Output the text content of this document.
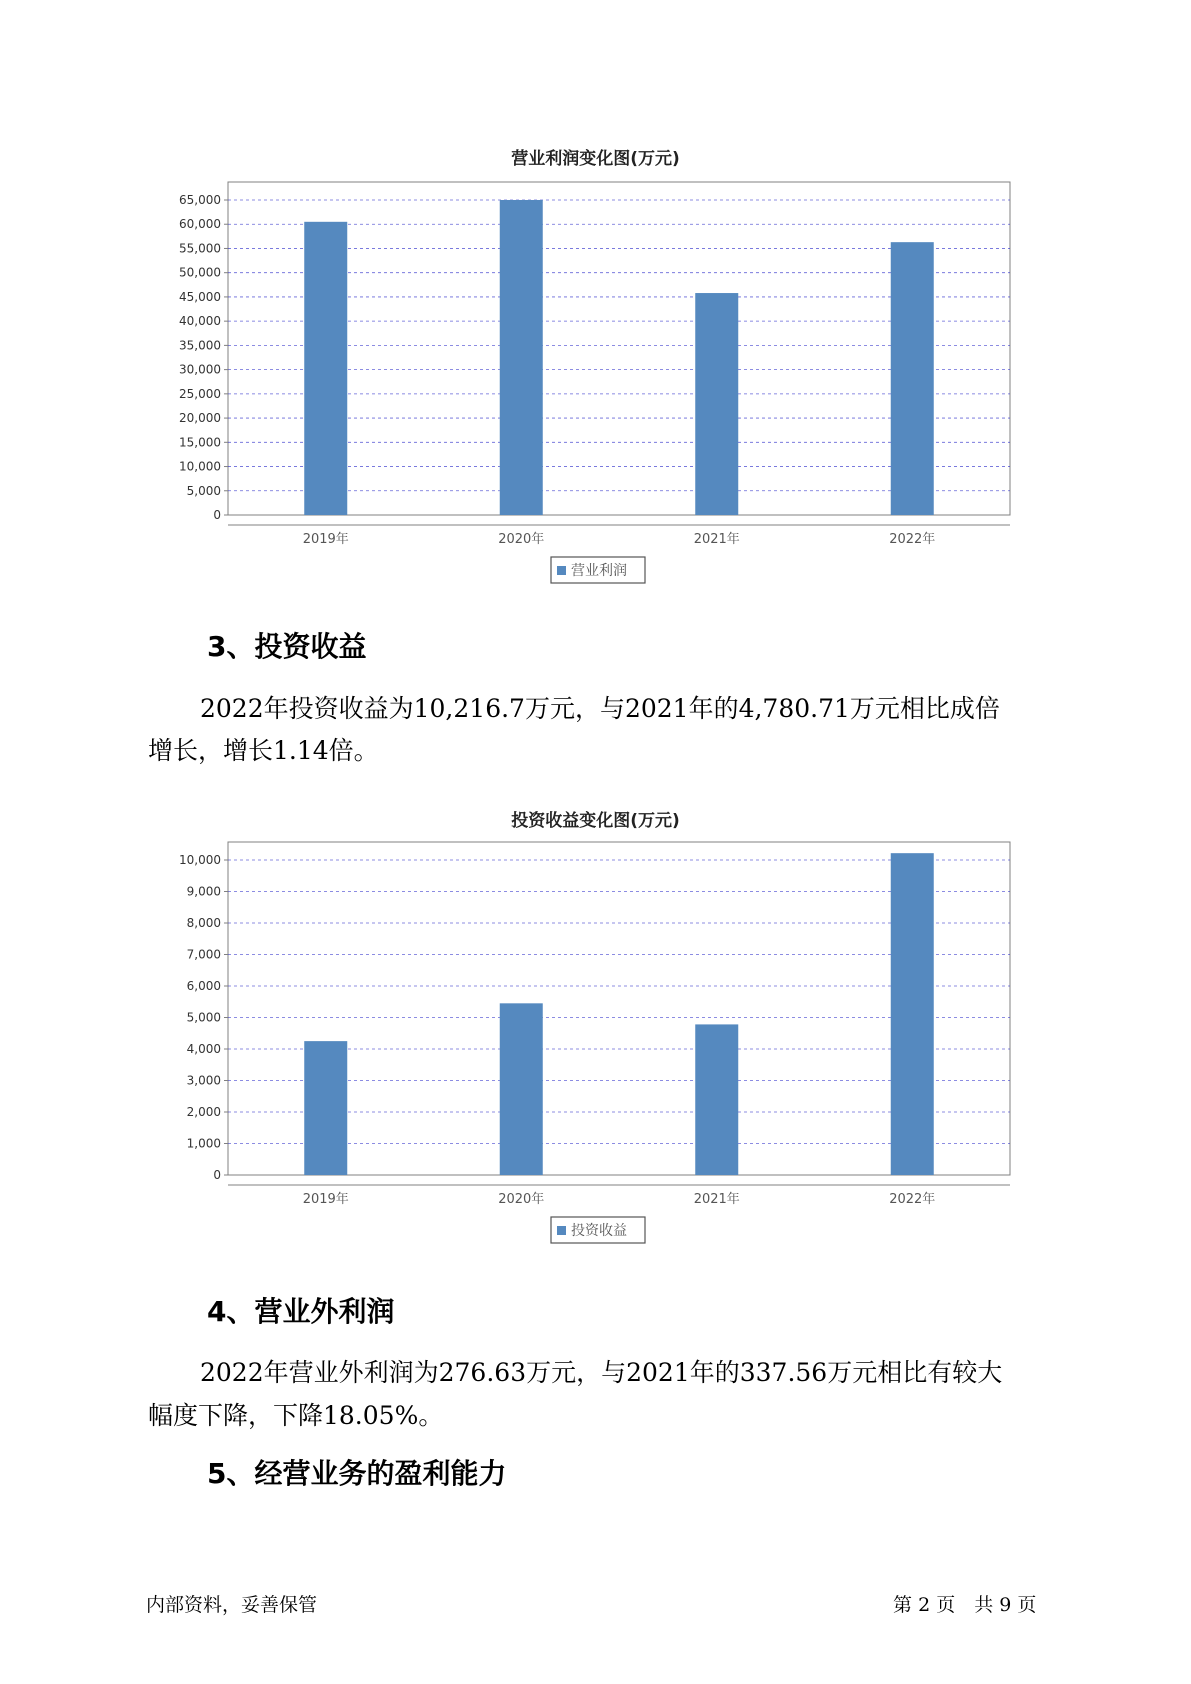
营业利润变化图(万元)
0
5,000
10,000
15,000
20,000
25,000
30,000
35,000
40,000
45,000
50,000
55,000
60,000
65,000
2019年	2020年	2021年	2022年
营业利润
3、投资收益
2022年投资收益为10,216.7万元，与2021年的4,780.71万元相比成倍
增长，增长1.14倍。
投资收益变化图(万元)
0
1,000
2,000
3,000
4,000
5,000
6,000
7,000
8,000
9,000
10,000
2019年	2020年	2021年	2022年
投资收益
4、营业外利润
2022年营业外利润为276.63万元，与2021年的337.56万元相比有较大
幅度下降，下降18.05%。
5、经营业务的盈利能力
内部资料，妥善保管	第 2 页　共 9 页
